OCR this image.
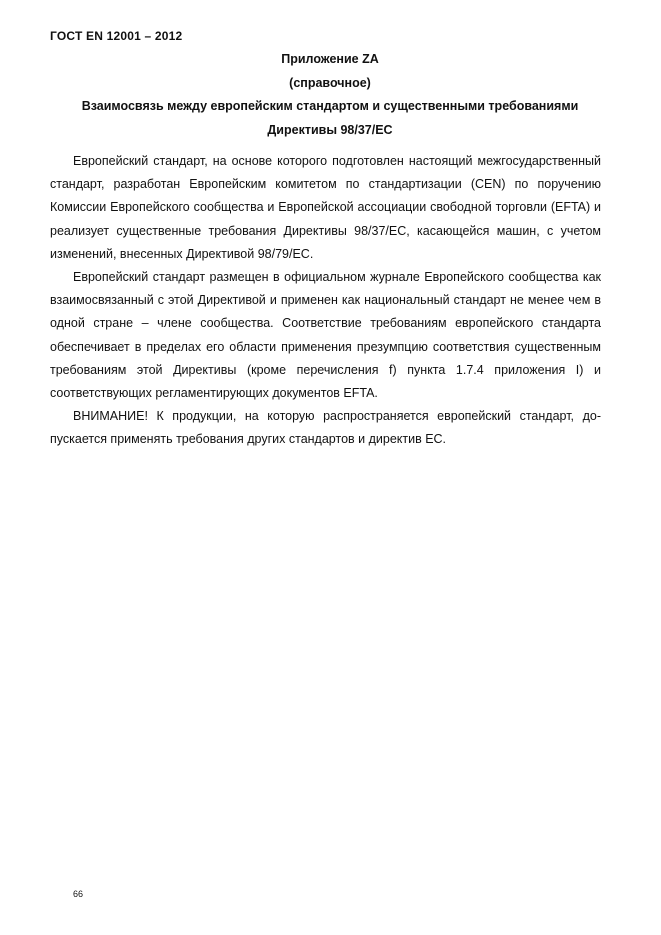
ГОСТ EN 12001 – 2012
Приложение ZA
(справочное)
Взаимосвязь между европейским стандартом и существенными требованиями
Директивы 98/37/ЕС

Европейский стандарт, на основе которого подготовлен настоящий межгосударственный стандарт, разработан Европейским комитетом по стандартизации (CEN) по поручению Комиссии Европейского сообщества и Европейской ассоциации свободной торговли (EFTA) и реализует существенные требования Директивы 98/37/ЕС, касающейся машин, с учетом изменений, внесенных Директивой 98/79/ЕС.

Европейский стандарт размещен в официальном журнале Европейского сообщества как взаимосвязанный с этой Директивой и применен как национальный стандарт не менее чем в одной стране – члене сообщества. Соответствие требованиям европейского стандарта обеспечивает в пределах его области применения презумпцию соответствия существенным требованиям этой Директивы (кроме перечисления f) пункта 1.7.4 приложения I) и соответствующих регламентирующих документов EFTA.

ВНИМАНИЕ! К продукции, на которую распространяется европейский стандарт, допускается применять требования других стандартов и директив ЕС.

66
